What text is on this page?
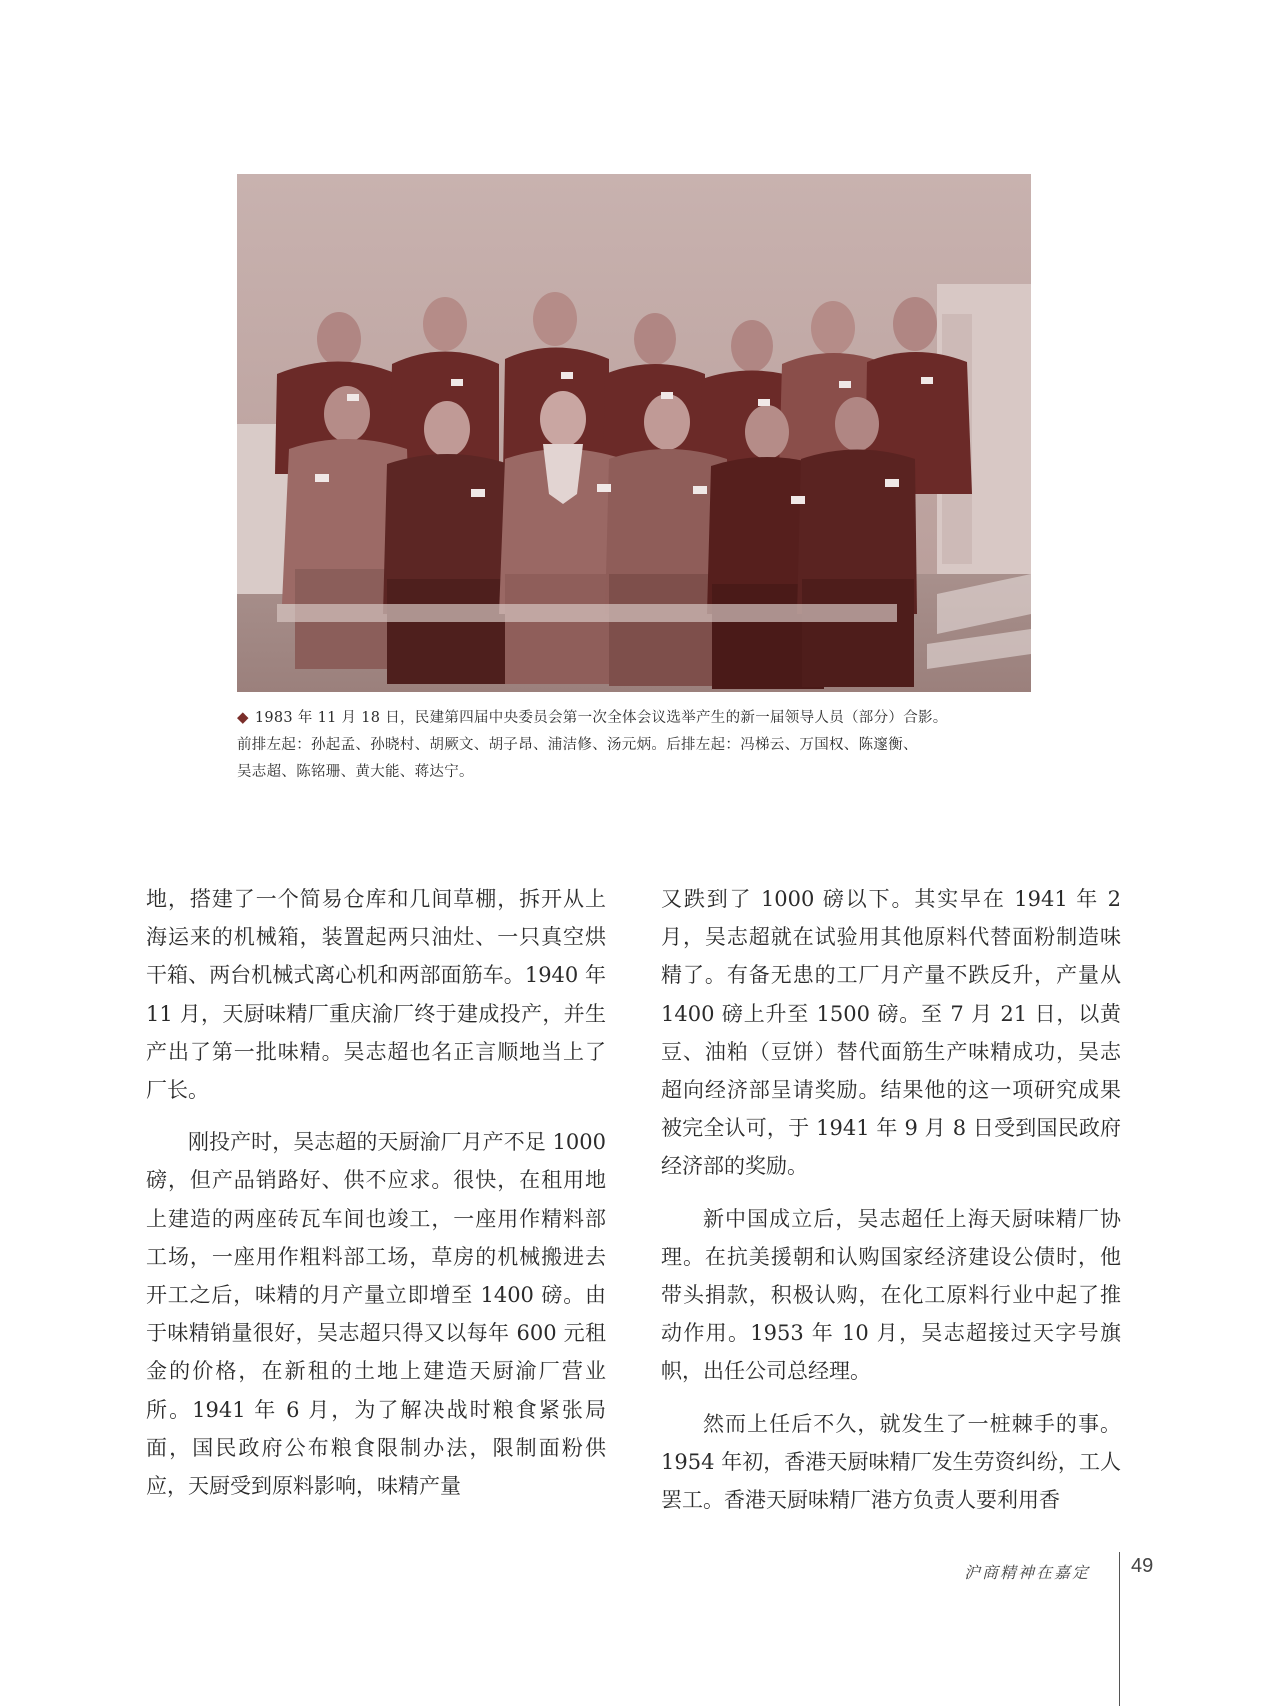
◆ 1983 年 11 月 18 日，民建第四届中央委员会第一次全体会议选举产生的新一届领导人员（部分）合影。
前排左起：孙起孟、孙晓村、胡厥文、胡子昂、浦洁修、汤元炳。后排左起：冯梯云、万国权、陈邃衡、
吴志超、陈铭珊、黄大能、蒋达宁。

地，搭建了一个简易仓库和几间草棚，拆开从上海运来的机械箱，装置起两只油灶、一只真空烘干箱、两台机械式离心机和两部面筋车。1940 年 11 月，天厨味精厂重庆渝厂终于建成投产，并生产出了第一批味精。吴志超也名正言顺地当上了厂长。

刚投产时，吴志超的天厨渝厂月产不足 1000 磅，但产品销路好、供不应求。很快，在租用地上建造的两座砖瓦车间也竣工，一座用作精料部工场，一座用作粗料部工场，草房的机械搬进去开工之后，味精的月产量立即增至 1400 磅。由于味精销量很好，吴志超只得又以每年 600 元租金的价格，在新租的土地上建造天厨渝厂营业所。1941 年 6 月，为了解决战时粮食紧张局面，国民政府公布粮食限制办法，限制面粉供应，天厨受到原料影响，味精产量

又跌到了 1000 磅以下。其实早在 1941 年 2 月，吴志超就在试验用其他原料代替面粉制造味精了。有备无患的工厂月产量不跌反升，产量从 1400 磅上升至 1500 磅。至 7 月 21 日，以黄豆、油粕（豆饼）替代面筋生产味精成功，吴志超向经济部呈请奖励。结果他的这一项研究成果被完全认可，于 1941 年 9 月 8 日受到国民政府经济部的奖励。

新中国成立后，吴志超任上海天厨味精厂协理。在抗美援朝和认购国家经济建设公债时，他带头捐款，积极认购，在化工原料行业中起了推动作用。1953 年 10 月，吴志超接过天字号旗帜，出任公司总经理。

然而上任后不久，就发生了一桩棘手的事。1954 年初，香港天厨味精厂发生劳资纠纷，工人罢工。香港天厨味精厂港方负责人要利用香

沪商精神在嘉定 49
